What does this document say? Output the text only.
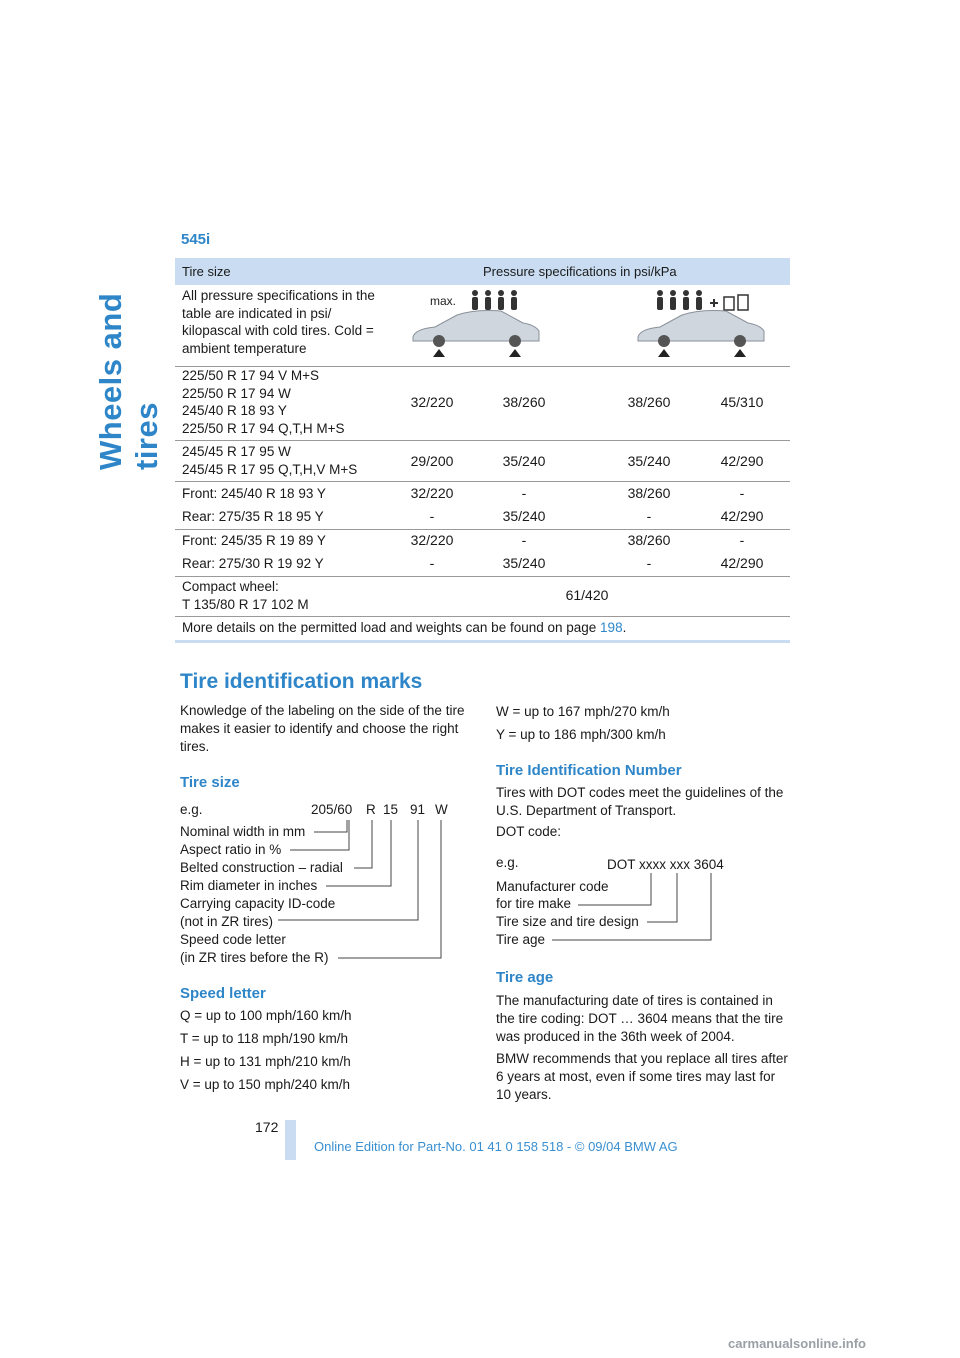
Wheels and tires
545i
Tire size	Pressure specifications in psi/kPa
All pressure specifications in the table are indicated in psi/ kilopascal with cold tires. Cold = ambient temperature
max.
225/50 R 17 94 V M+S
225/50 R 17 94 W
245/40 R 18 93 Y
225/50 R 17 94 Q,T,H M+S
32/220	38/260	38/260	45/310
245/45 R 17 95 W
245/45 R 17 95 Q,T,H,V M+S	29/200	35/240	35/240	42/290
Front: 245/40 R 18 93 Y	32/220	-	38/260	-
Rear: 275/35 R 18 95 Y	-	35/240	-	42/290
Front: 245/35 R 19 89 Y	32/220	-	38/260	-
Rear: 275/30 R 19 92 Y	-	35/240	-	42/290
Compact wheel:
T 135/80 R 17 102 M
61/420
More details on the permitted load and weights can be found on page 198.
Tire identification marks
Knowledge of the labeling on the side of the tire makes it easier to identify and choose the right tires.
Tire size
e.g.	205/60 R 15 91 W
Nominal width in mm
Aspect ratio in %
Belted construction – radial
Rim diameter in inches
Carrying capacity ID-code
(not in ZR tires)
Speed code letter
(in ZR tires before the R)
Speed letter
Q = up to 100 mph/160 km/h
T = up to 118 mph/190 km/h
H = up to 131 mph/210 km/h
V = up to 150 mph/240 km/h
W = up to 167 mph/270 km/h
Y = up to 186 mph/300 km/h
Tire Identification Number
Tires with DOT codes meet the guidelines of the U.S. Department of Transport.
DOT code:
e.g.	DOT xxxx xxx 3604
Manufacturer code
for tire make
Tire size and tire design
Tire age
Tire age
The manufacturing date of tires is contained in the tire coding: DOT … 3604 means that the tire was produced in the 36th week of 2004.
BMW recommends that you replace all tires after 6 years at most, even if some tires may last for 10 years.
172
Online Edition for Part-No. 01 41 0 158 518 - © 09/04 BMW AG
carmanualsonline.info
